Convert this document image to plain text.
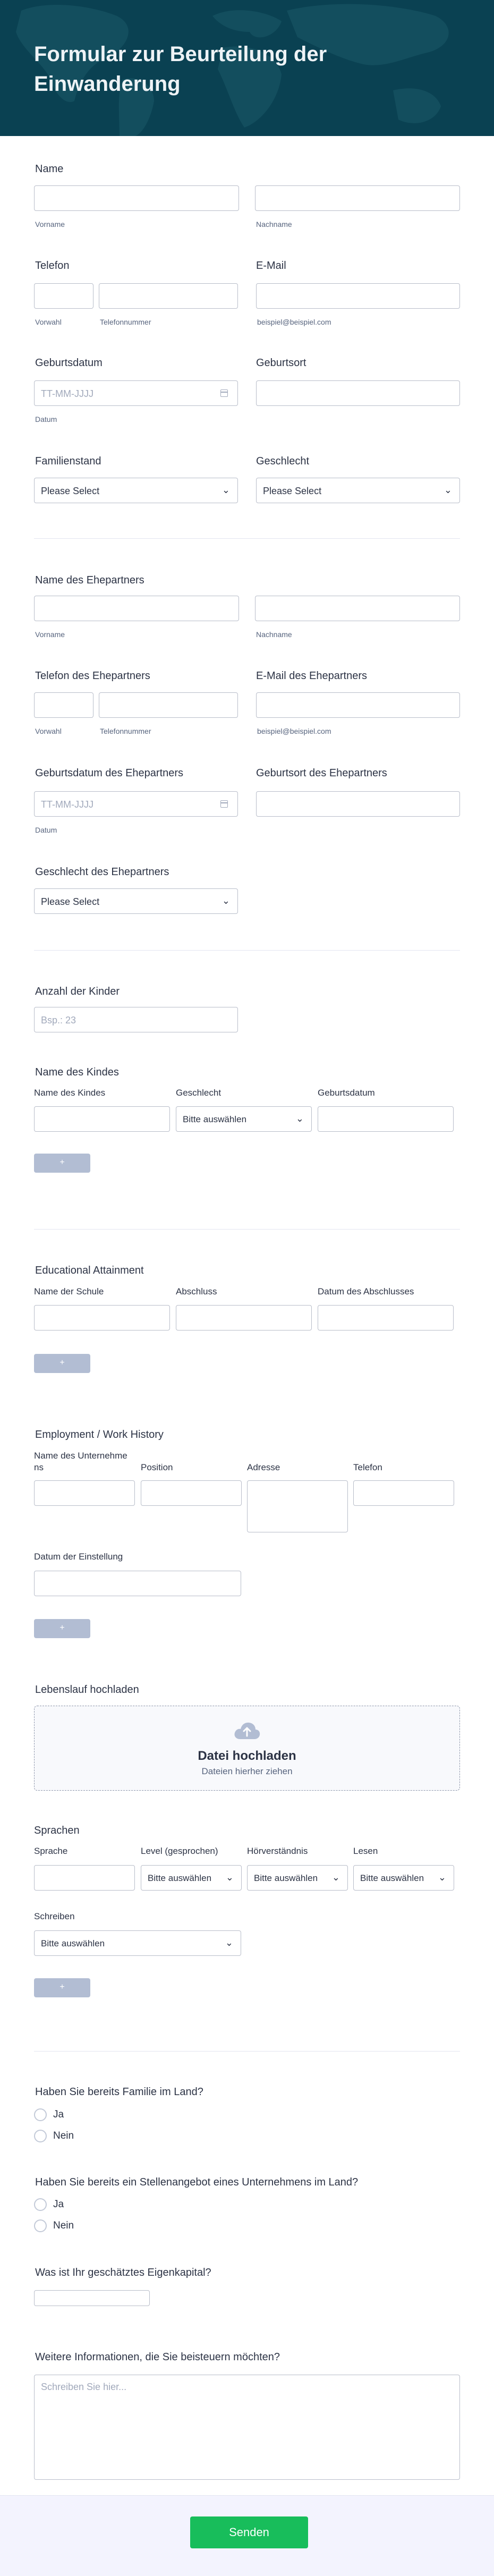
Formular zur Beurteilung der Einwanderung
Name
Vorname	Nachname
Telefon	E-Mail
Vorwahl	Telefonnummer	beispiel@beispiel.com
Geburtsdatum	Geburtsort
TT-MM-JJJJ
Datum
Familienstand	Geschlecht
Please Select	⌄	Please Select	⌄
Name des Ehepartners
Vorname	Nachname
Telefon des Ehepartners	E-Mail des Ehepartners
Vorwahl	Telefonnummer	beispiel@beispiel.com
Geburtsdatum des Ehepartners	Geburtsort des Ehepartners
TT-MM-JJJJ
Datum
Geschlecht des Ehepartners
Please Select	⌄
Anzahl der Kinder
Bsp.: 23
Name des Kindes
Name des Kindes	Geschlecht	Geburtsdatum
Bitte auswählen	⌄
+
Educational Attainment
Name der Schule	Abschluss	Datum des Abschlusses
+
Employment / Work History
Name des Unternehme
ns	Position	Adresse	Telefon
Datum der Einstellung
+
Lebenslauf hochladen
Datei hochladen
Dateien hierher ziehen
Sprachen
Sprache	Level (gesprochen)	Hörverständnis	Lesen
Bitte auswählen ⌄ Bitte auswählen ⌄ Bitte auswählen ⌄
Schreiben
Bitte auswählen	⌄
+
Haben Sie bereits Familie im Land?
Ja
Nein
Haben Sie bereits ein Stellenangebot eines Unternehmens im Land?
Ja
Nein
Was ist Ihr geschätztes Eigenkapital?
Weitere Informationen, die Sie beisteuern möchten?
Schreiben Sie hier...
Senden
